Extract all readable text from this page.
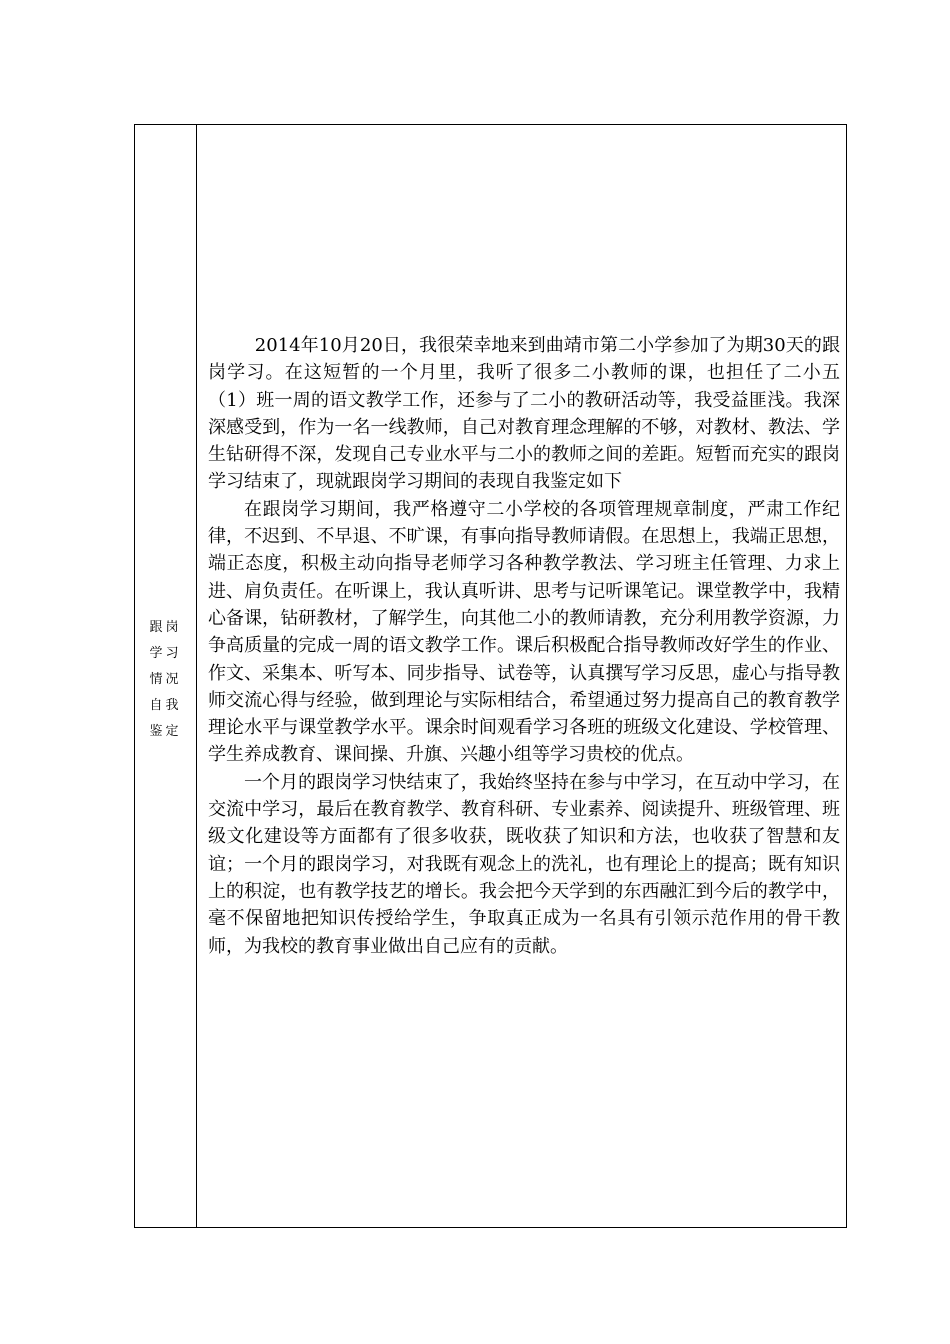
跟岗学习情况自我鉴定

2014年10月20日，我很荣幸地来到曲靖市第二小学参加了为期30天的跟岗学习。在这短暂的一个月里，我听了很多二小教师的课，也担任了二小五（1）班一周的语文教学工作，还参与了二小的教研活动等，我受益匪浅。我深深感受到，作为一名一线教师，自己对教育理念理解的不够，对教材、教法、学生钻研得不深，发现自己专业水平与二小的教师之间的差距。短暂而充实的跟岗学习结束了，现就跟岗学习期间的表现自我鉴定如下

在跟岗学习期间，我严格遵守二小学校的各项管理规章制度，严肃工作纪律，不迟到、不早退、不旷课，有事向指导教师请假。在思想上，我端正思想，端正态度，积极主动向指导老师学习各种教学教法、学习班主任管理、力求上进、肩负责任。在听课上，我认真听讲、思考与记听课笔记。课堂教学中，我精心备课，钻研教材，了解学生，向其他二小的教师请教，充分利用教学资源，力争高质量的完成一周的语文教学工作。课后积极配合指导教师改好学生的作业、作文、采集本、听写本、同步指导、试卷等，认真撰写学习反思，虚心与指导教师交流心得与经验，做到理论与实际相结合，希望通过努力提高自己的教育教学理论水平与课堂教学水平。课余时间观看学习各班的班级文化建设、学校管理、学生养成教育、课间操、升旗、兴趣小组等学习贵校的优点。

一个月的跟岗学习快结束了，我始终坚持在参与中学习，在互动中学习，在交流中学习，最后在教育教学、教育科研、专业素养、阅读提升、班级管理、班级文化建设等方面都有了很多收获，既收获了知识和方法，也收获了智慧和友谊；一个月的跟岗学习，对我既有观念上的洗礼，也有理论上的提高；既有知识上的积淀，也有教学技艺的增长。我会把今天学到的东西融汇到今后的教学中，毫不保留地把知识传授给学生，争取真正成为一名具有引领示范作用的骨干教师，为我校的教育事业做出自己应有的贡献。
